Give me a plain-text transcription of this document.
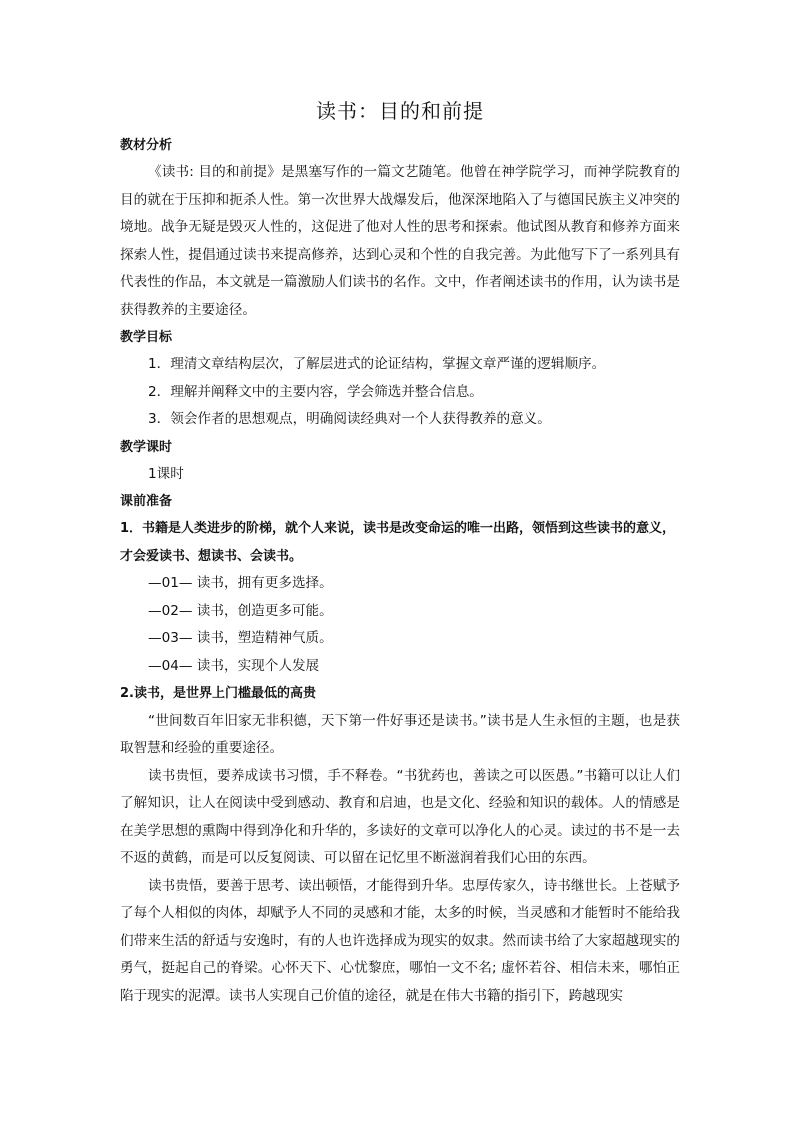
读书：目的和前提

教材分析

《读书: 目的和前提》是黑塞写作的一篇文艺随笔。他曾在神学院学习，而神学院教育的目的就在于压抑和扼杀人性。第一次世界大战爆发后，他深深地陷入了与德国民族主义冲突的境地。战争无疑是毁灭人性的，这促进了他对人性的思考和探索。他试图从教育和修养方面来探索人性，提倡通过读书来提高修养，达到心灵和个性的自我完善。为此他写下了一系列具有代表性的作品，本文就是一篇激励人们读书的名作。文中，作者阐述读书的作用，认为读书是获得教养的主要途径。

教学目标

1．理清文章结构层次，了解层进式的论证结构，掌握文章严谨的逻辑顺序。

2．理解并阐释文中的主要内容，学会筛选并整合信息。

3．领会作者的思想观点，明确阅读经典对一个人获得教养的意义。

教学课时

1课时

课前准备

1．书籍是人类进步的阶梯，就个人来说，读书是改变命运的唯一出路，领悟到这些读书的意义，才会爱读书、想读书、会读书。

—01— 读书，拥有更多选择。

—02— 读书，创造更多可能。

—03— 读书，塑造精神气质。

—04— 读书，实现个人发展

2.读书，是世界上门槛最低的高贵

“世间数百年旧家无非积德，天下第一件好事还是读书。”读书是人生永恒的主题，也是获取智慧和经验的重要途径。

读书贵恒，要养成读书习惯，手不释卷。“书犹药也，善读之可以医愚。”书籍可以让人们了解知识，让人在阅读中受到感动、教育和启迪，也是文化、经验和知识的载体。人的情感是在美学思想的熏陶中得到净化和升华的，多读好的文章可以净化人的心灵。读过的书不是一去不返的黄鹤，而是可以反复阅读、可以留在记忆里不断滋润着我们心田的东西。

读书贵悟，要善于思考、读出顿悟，才能得到升华。忠厚传家久，诗书继世长。上苍赋予了每个人相似的肉体，却赋予人不同的灵感和才能，太多的时候，当灵感和才能暂时不能给我们带来生活的舒适与安逸时，有的人也许选择成为现实的奴隶。然而读书给了大家超越现实的勇气，挺起自己的脊梁。心怀天下、心忧黎庶，哪怕一文不名; 虚怀若谷、相信未来，哪怕正陷于现实的泥潭。读书人实现自己价值的途径，就是在伟大书籍的指引下，跨越现实
